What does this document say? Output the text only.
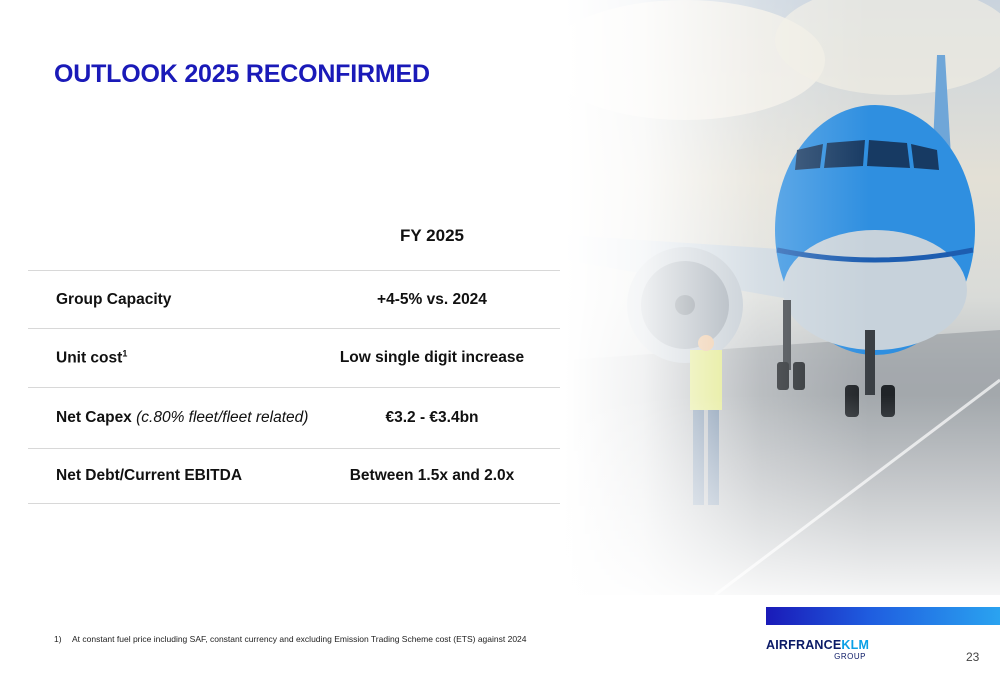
OUTLOOK 2025 RECONFIRMED
FY 2025
Group Capacity	+4-5% vs. 2024
Unit cost$^1$	Low single digit increase
Net Capex (c.80% fleet/fleet related)	€3.2 - €3.4bn
Net Debt/Current EBITDA	Between 1.5x and 2.0x
1) At constant fuel price including SAF, constant currency and excluding Emission Trading Scheme cost (ETS) against 2024	AIRFRANCEKLM
GROUP	23
